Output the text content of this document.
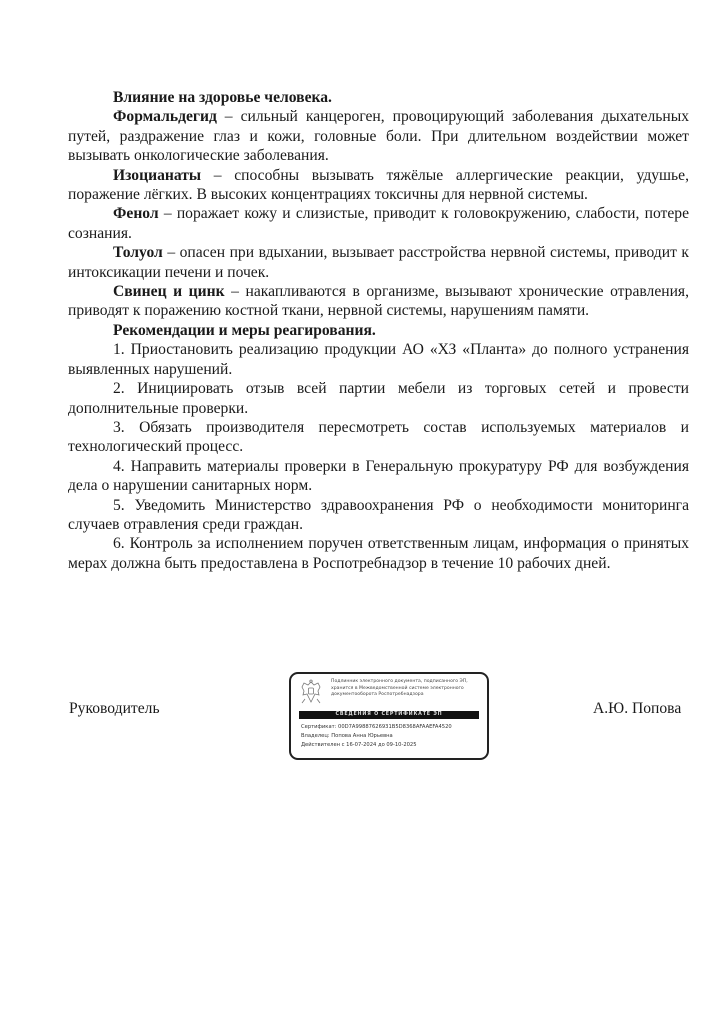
Влияние на здоровье человека.

Формальдегид – сильный канцероген, провоцирующий заболевания дыхательных путей, раздражение глаз и кожи, головные боли. При длительном воздействии может вызывать онкологические заболевания.

Изоцианаты – способны вызывать тяжёлые аллергические реакции, удушье, поражение лёгких. В высоких концентрациях токсичны для нервной системы.

Фенол – поражает кожу и слизистые, приводит к головокружению, слабости, потере сознания.

Толуол – опасен при вдыхании, вызывает расстройства нервной системы, приводит к интоксикации печени и почек.

Свинец и цинк – накапливаются в организме, вызывают хронические отравления, приводят к поражению костной ткани, нервной системы, нарушениям памяти.

Рекомендации и меры реагирования.

1. Приостановить реализацию продукции АО «ХЗ «Планта» до полного устранения выявленных нарушений.

2. Инициировать отзыв всей партии мебели из торговых сетей и провести дополнительные проверки.

3. Обязать производителя пересмотреть состав используемых материалов и технологический процесс.

4. Направить материалы проверки в Генеральную прокуратуру РФ для возбуждения дела о нарушении санитарных норм.

5. Уведомить Министерство здравоохранения РФ о необходимости мониторинга случаев отравления среди граждан.

6. Контроль за исполнением поручен ответственным лицам, информация о принятых мерах должна быть предоставлена в Роспотребнадзор в течение 10 рабочих дней.

Руководитель	А.Ю. Попова
Подлинник электронного документа, подписанного ЭП, хранится в Межведомственной системе электронного документооборота Роспотребнадзора
СВЕДЕНИЯ О СЕРТИФИКАТЕ ЭП
Сертификат: 00D7A99887626931B5D8368AFAAEFA4520
Владелец: Попова Анна Юрьевна
Действителен с 16-07-2024 до 09-10-2025
